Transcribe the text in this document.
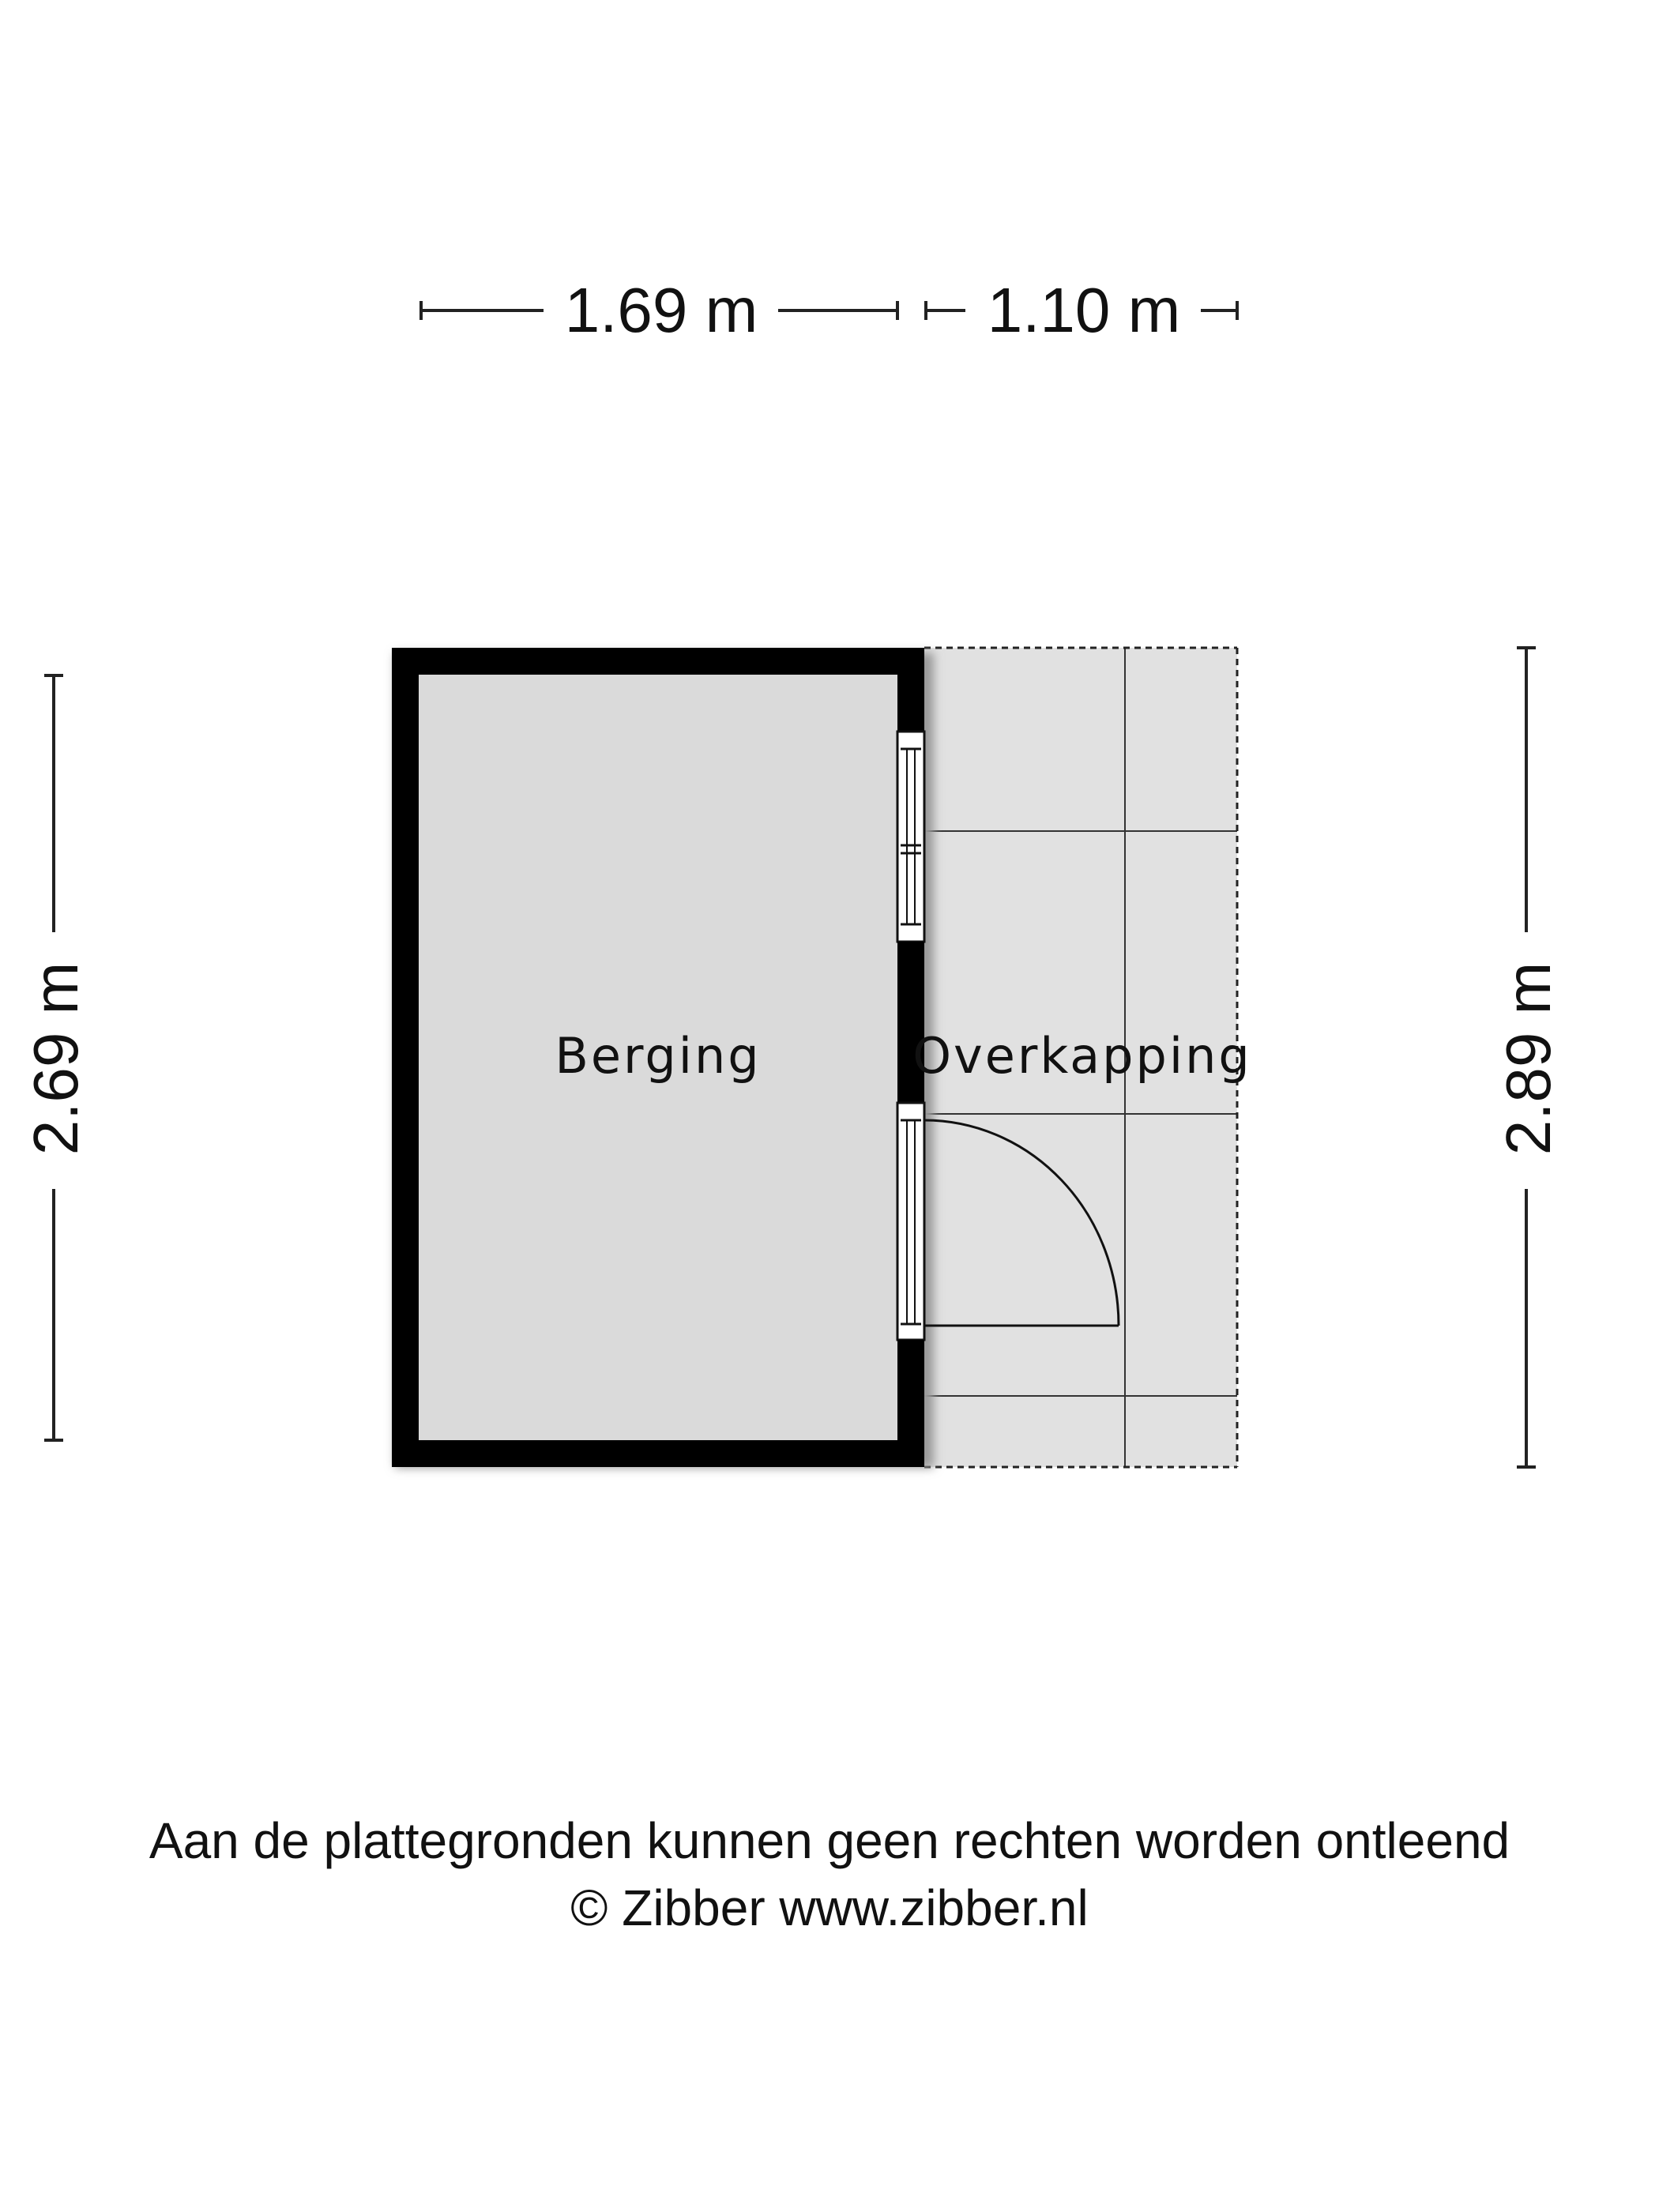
1.69 m	1.10 m
2.69 m	2.89 m
Berging	Overkapping
Aan de plattegronden kunnen geen rechten worden ontleend
© Zibber www.zibber.nl
